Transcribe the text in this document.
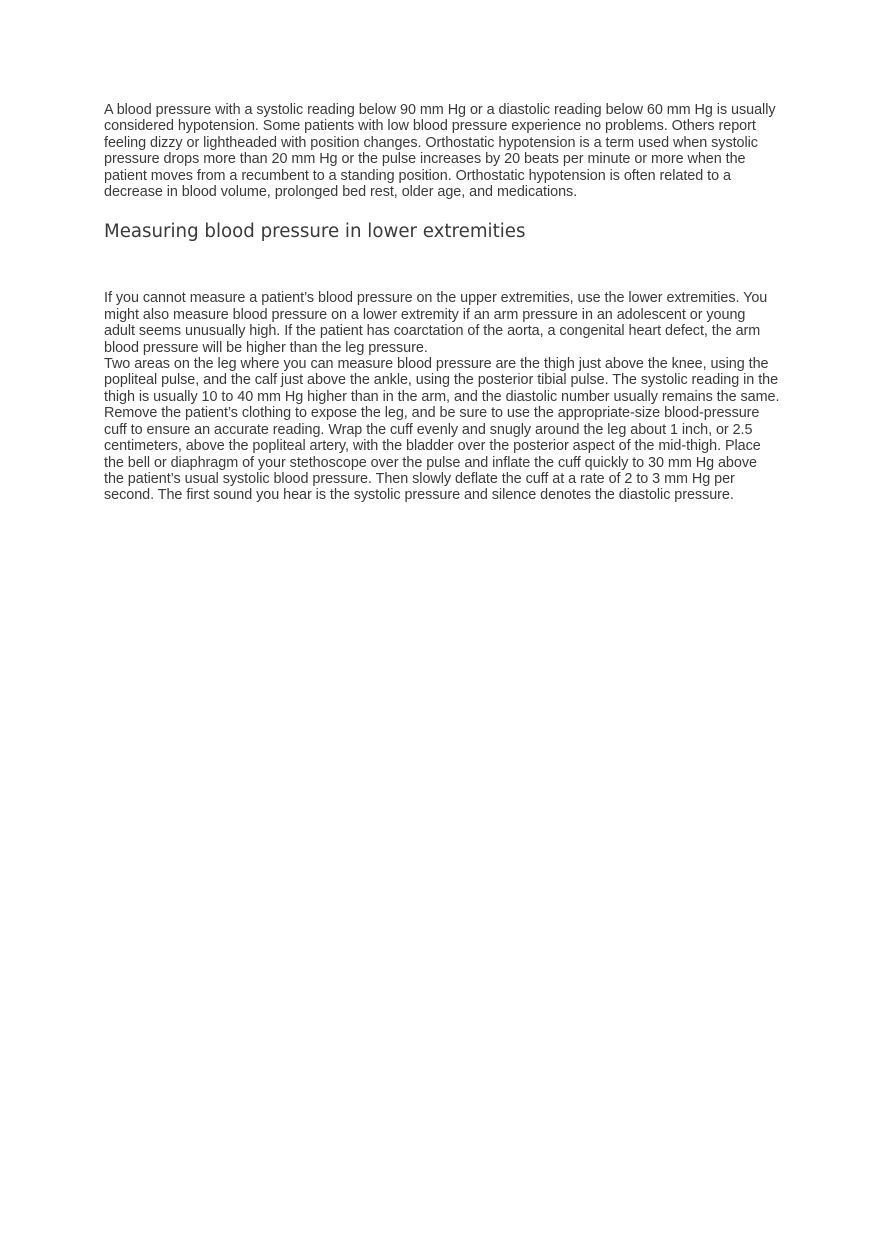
A blood pressure with a systolic reading below 90 mm Hg or a diastolic reading below 60 mm Hg is usually considered hypotension. Some patients with low blood pressure experience no problems. Others report feeling dizzy or lightheaded with position changes. Orthostatic hypotension is a term used when systolic pressure drops more than 20 mm Hg or the pulse increases by 20 beats per minute or more when the patient moves from a recumbent to a standing position. Orthostatic hypotension is often related to a decrease in blood volume, prolonged bed rest, older age, and medications.

Measuring blood pressure in lower extremities

If you cannot measure a patient’s blood pressure on the upper extremities, use the lower extremities. You might also measure blood pressure on a lower extremity if an arm pressure in an adolescent or young adult seems unusually high. If the patient has coarctation of the aorta, a congenital heart defect, the arm blood pressure will be higher than the leg pressure.

Two areas on the leg where you can measure blood pressure are the thigh just above the knee, using the popliteal pulse, and the calf just above the ankle, using the posterior tibial pulse. The systolic reading in the thigh is usually 10 to 40 mm Hg higher than in the arm, and the diastolic number usually remains the same.

Remove the patient’s clothing to expose the leg, and be sure to use the appropriate-size blood-pressure cuff to ensure an accurate reading. Wrap the cuff evenly and snugly around the leg about 1 inch, or 2.5 centimeters, above the popliteal artery, with the bladder over the posterior aspect of the mid-thigh. Place the bell or diaphragm of your stethoscope over the pulse and inflate the cuff quickly to 30 mm Hg above the patient’s usual systolic blood pressure. Then slowly deflate the cuff at a rate of 2 to 3 mm Hg per second. The first sound you hear is the systolic pressure and silence denotes the diastolic pressure.
